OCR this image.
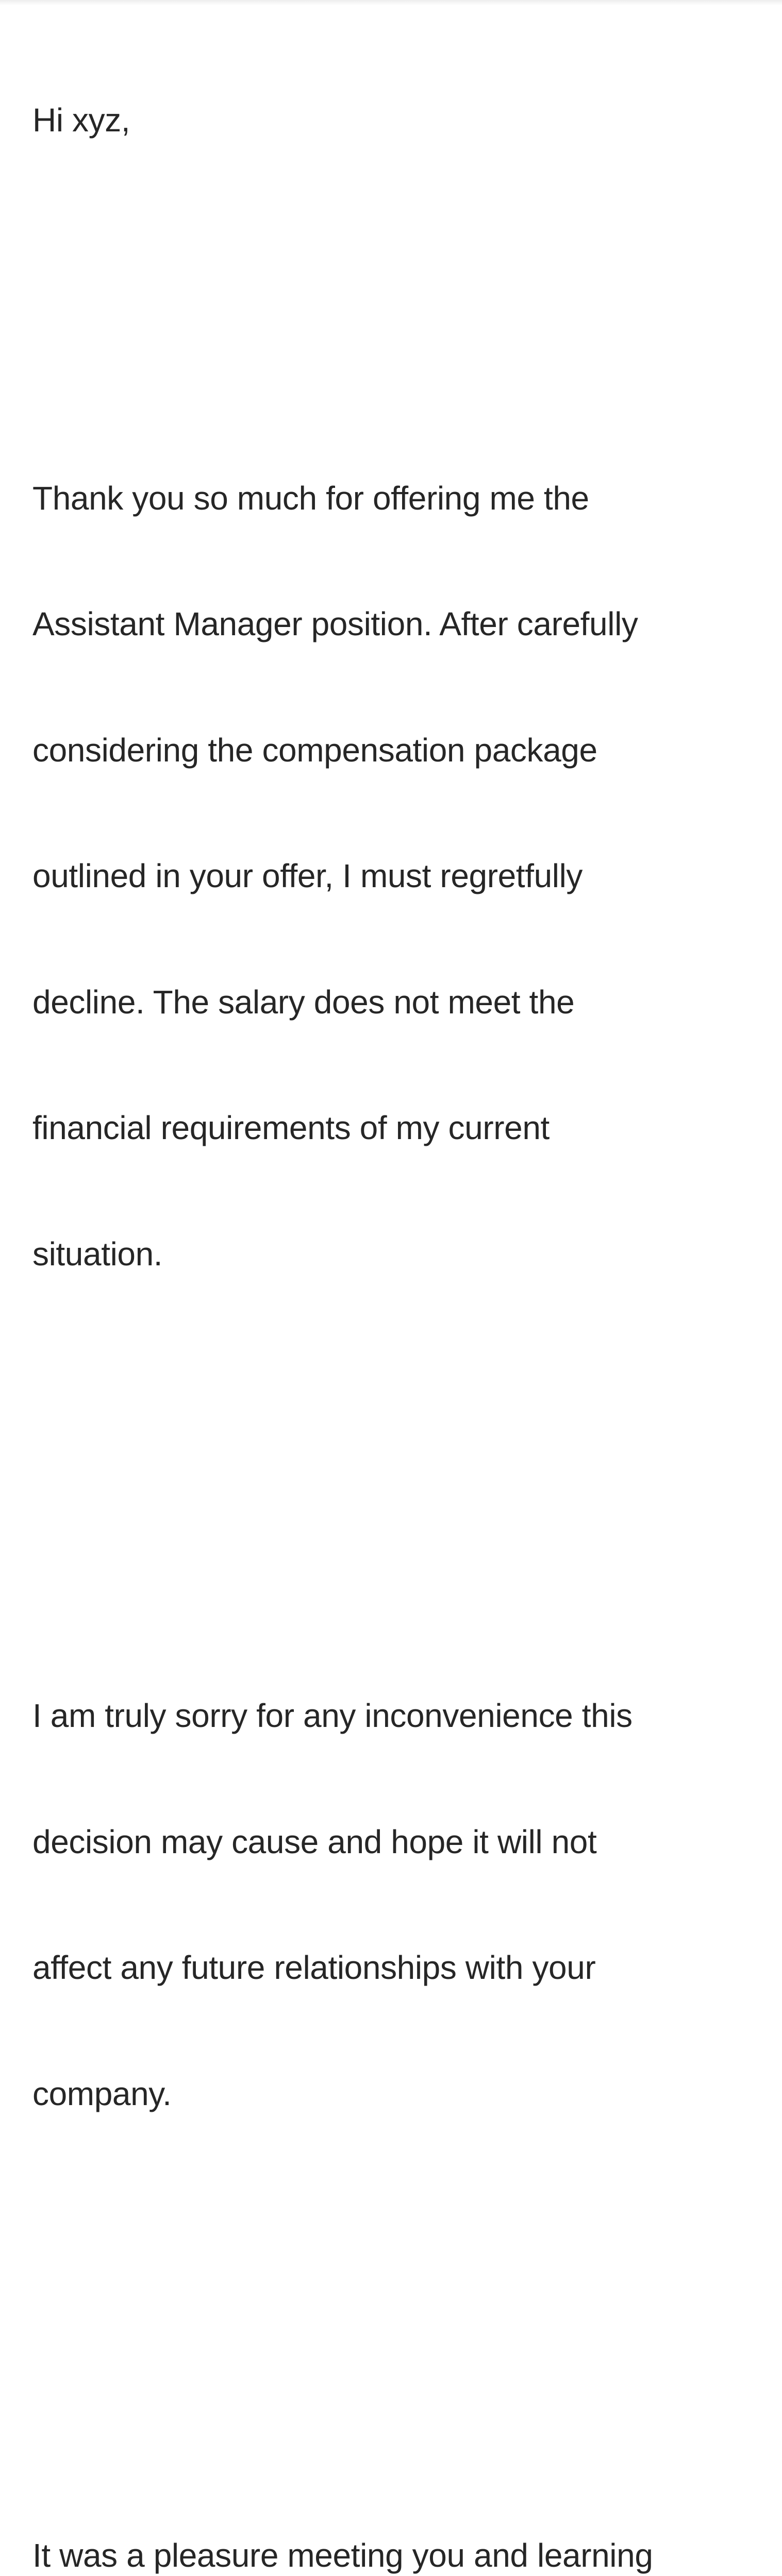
Hi xyz,

Thank you so much for offering me the

Assistant Manager position. After carefully

considering the compensation package

outlined in your offer, I must regretfully

decline. The salary does not meet the

financial requirements of my current

situation.

I am truly sorry for any inconvenience this

decision may cause and hope it will not

affect any future relationships with your

company.

It was a pleasure meeting you and learning
